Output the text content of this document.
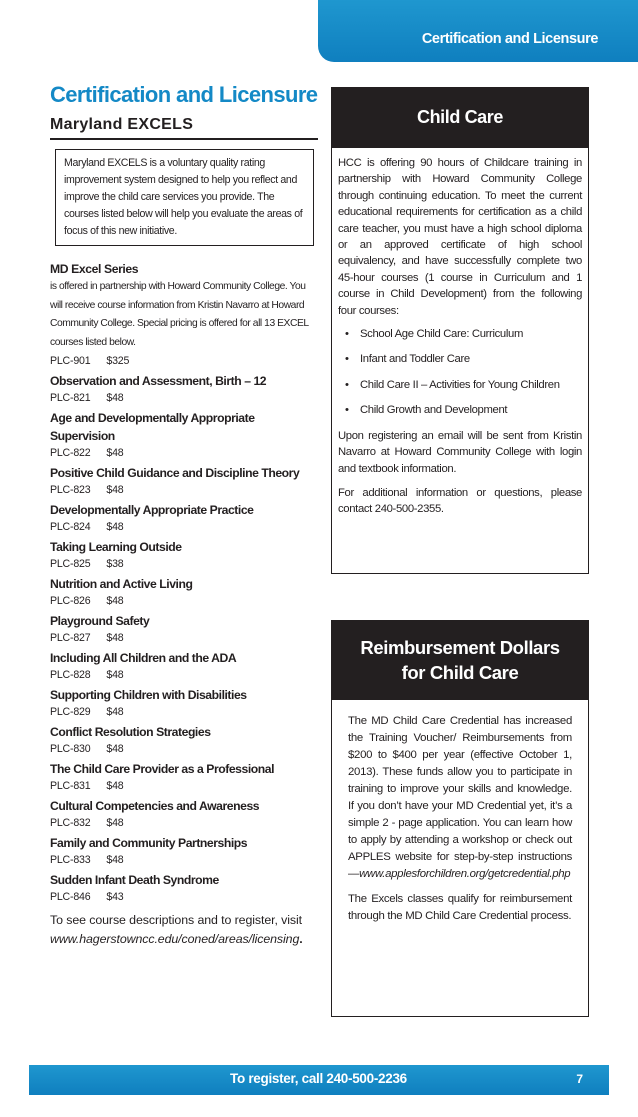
Certification and Licensure
Certification and Licensure
Maryland EXCELS
Maryland EXCELS is a voluntary quality rating improvement system designed to help you reflect and improve the child care services you provide. The courses listed below will help you evaluate the areas of focus of this new initiative.
MD Excel Series
is offered in partnership with Howard Community College. You will receive course information from Kristin Navarro at Howard Community College. Special pricing is offered for all 13 EXCEL courses listed below.
PLC-901 $325
Observation and Assessment, Birth – 12
PLC-821 $48
Age and Developmentally Appropriate Supervision
PLC-822 $48
Positive Child Guidance and Discipline Theory
PLC-823 $48
Developmentally Appropriate Practice
PLC-824 $48
Taking Learning Outside
PLC-825 $38
Nutrition and Active Living
PLC-826 $48
Playground Safety
PLC-827 $48
Including All Children and the ADA
PLC-828 $48
Supporting Children with Disabilities
PLC-829 $48
Conflict Resolution Strategies
PLC-830 $48
The Child Care Provider as a Professional
PLC-831 $48
Cultural Competencies and Awareness
PLC-832 $48
Family and Community Partnerships
PLC-833 $48
Sudden Infant Death Syndrome
PLC-846 $43
To see course descriptions and to register, visit www.hagerstowncc.edu/coned/areas/licensing.
Child Care

HCC is offering 90 hours of Childcare training in partnership with Howard Community College through continuing education. To meet the current educational requirements for certification as a child care teacher, you must have a high school diploma or an approved certificate of high school equivalency, and have successfully complete two 45-hour courses (1 course in Curriculum and 1 course in Child Development) from the following four courses:

• School Age Child Care: Curriculum
• Infant and Toddler Care
• Child Care II – Activities for Young Children
• Child Growth and Development

Upon registering an email will be sent from Kristin Navarro at Howard Community College with login and textbook information.

For additional information or questions, please contact 240-500-2355.

Reimbursement Dollars
for Child Care

The MD Child Care Credential has increased the Training Voucher/ Reimbursements from $200 to $400 per year (effective October 1, 2013). These funds allow you to participate in training to improve your skills and knowledge. If you don’t have your MD Credential yet, it’s a simple 2 - page application. You can learn how to apply by attending a workshop or check out APPLES website for step-by-step instructions —www.applesforchildren.org/getcredential.php

The Excels classes qualify for reimbursement through the MD Child Care Credential process.

To register, call 240-500-2236	7
